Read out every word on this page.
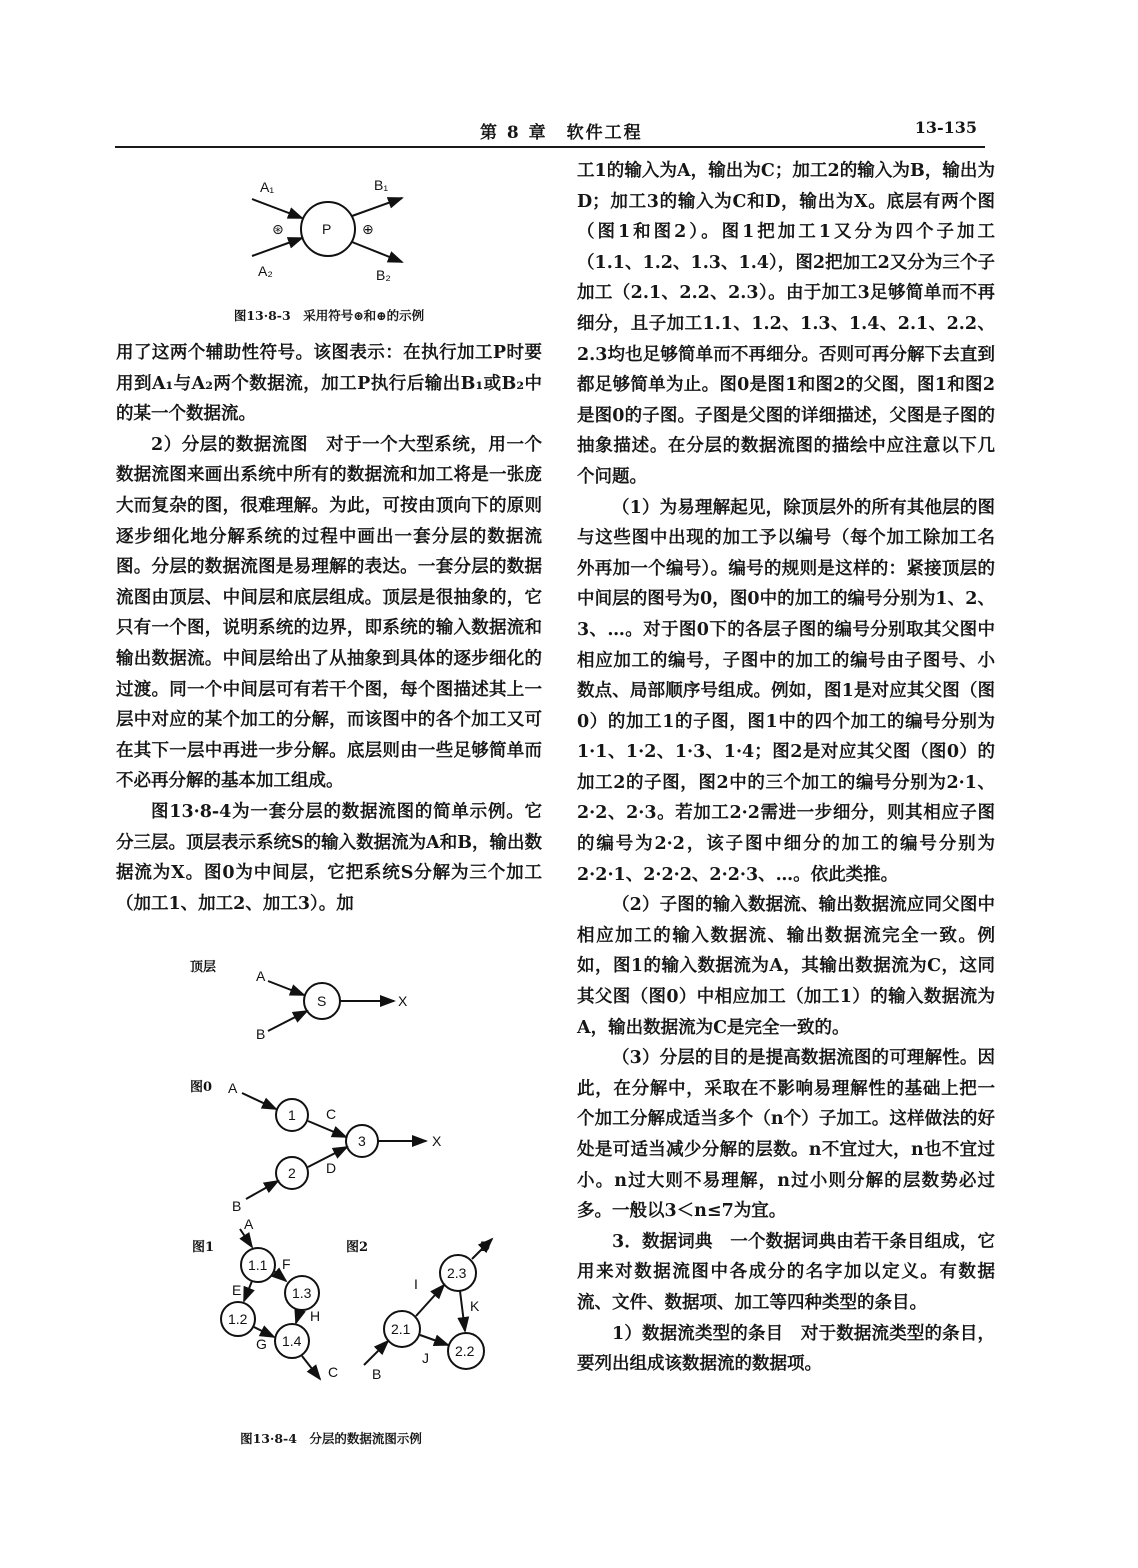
第 8 章　软件工程	13-135
P
A₁
A₂
B₁
B₂
⊛	⊕
图13·8-3　采用符号⊛和⊕的示例

用了这两个辅助性符号。该图表示：在执行加工P时要用到A₁与A₂两个数据流，加工P执行后输出B₁或B₂中的某一个数据流。

2）分层的数据流图　对于一个大型系统，用一个数据流图来画出系统中所有的数据流和加工将是一张庞大而复杂的图，很难理解。为此，可按由顶向下的原则逐步细化地分解系统的过程中画出一套分层的数据流图。分层的数据流图是易理解的表达。一套分层的数据流图由顶层、中间层和底层组成。顶层是很抽象的，它只有一个图，说明系统的边界，即系统的输入数据流和输出数据流。中间层给出了从抽象到具体的逐步细化的过渡。同一个中间层可有若干个图，每个图描述其上一层中对应的某个加工的分解，而该图中的各个加工又可在其下一层中再进一步分解。底层则由一些足够简单而不必再分解的基本加工组成。

图13·8-4为一套分层的数据流图的简单示例。它分三层。顶层表示系统S的输入数据流为A和B，输出数据流为X。图0为中间层，它把系统S分解为三个加工（加工1、加工2、加工3）。加

顶层
S
A
B
X
图0
1
2
3
A
B
C
D
X
图1
1.1
1.2
1.3
1.4
A
E
F
H
G
C
图2
2.1
2.2
2.3
B
I
J
K
D
图13·8-4　分层的数据流图示例

工1的输入为A，输出为C；加工2的输入为B，输出为D；加工3的输入为C和D，输出为X。底层有两个图（图1和图2）。图1把加工1又分为四个子加工（1.1、1.2、1.3、1.4），图2把加工2又分为三个子加工（2.1、2.2、2.3）。由于加工3足够简单而不再细分，且子加工1.1、1.2、1.3、1.4、2.1、2.2、2.3均也足够简单而不再细分。否则可再分解下去直到都足够简单为止。图0是图1和图2的父图，图1和图2是图0的子图。子图是父图的详细描述，父图是子图的抽象描述。在分层的数据流图的描绘中应注意以下几个问题。

（1）为易理解起见，除顶层外的所有其他层的图与这些图中出现的加工予以编号（每个加工除加工名外再加一个编号）。编号的规则是这样的：紧接顶层的中间层的图号为0，图0中的加工的编号分别为1、2、3、…。对于图0下的各层子图的编号分别取其父图中相应加工的编号，子图中的加工的编号由子图号、小数点、局部顺序号组成。例如，图1是对应其父图（图0）的加工1的子图，图1中的四个加工的编号分别为1·1、1·2、1·3、1·4；图2是对应其父图（图0）的加工2的子图，图2中的三个加工的编号分别为2·1、2·2、2·3。若加工2·2需进一步细分，则其相应子图的编号为2·2，该子图中细分的加工的编号分别为2·2·1、2·2·2、2·2·3、…。依此类推。

（2）子图的输入数据流、输出数据流应同父图中相应加工的输入数据流、输出数据流完全一致。例如，图1的输入数据流为A，其输出数据流为C，这同其父图（图0）中相应加工（加工1）的输入数据流为A，输出数据流为C是完全一致的。

（3）分层的目的是提高数据流图的可理解性。因此，在分解中，采取在不影响易理解性的基础上把一个加工分解成适当多个（n个）子加工。这样做法的好处是可适当减少分解的层数。n不宜过大，n也不宜过小。n过大则不易理解，n过小则分解的层数势必过多。一般以3＜n≤7为宜。

3．数据词典　一个数据词典由若干条目组成，它用来对数据流图中各成分的名字加以定义。有数据流、文件、数据项、加工等四种类型的条目。

1）数据流类型的条目　对于数据流类型的条目，要列出组成该数据流的数据项。
